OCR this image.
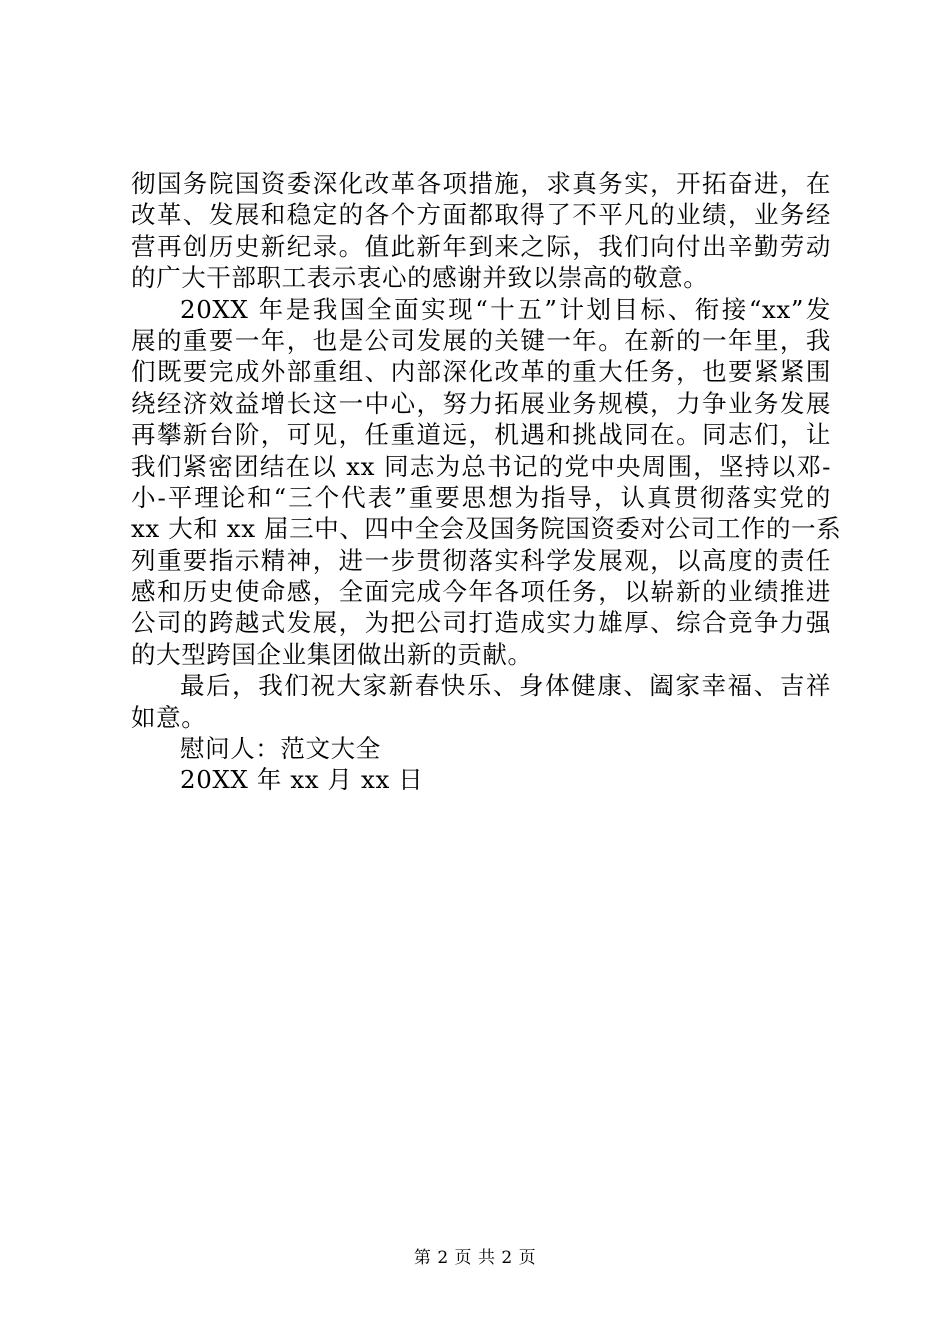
彻国务院国资委深化改革各项措施，求真务实，开拓奋进，在
改革、发展和稳定的各个方面都取得了不平凡的业绩，业务经
营再创历史新纪录。值此新年到来之际，我们向付出辛勤劳动
的广大干部职工表示衷心的感谢并致以崇高的敬意。
20XX 年是我国全面实现“十五”计划目标、衔接“xx”发
展的重要一年，也是公司发展的关键一年。在新的一年里，我
们既要完成外部重组、内部深化改革的重大任务，也要紧紧围
绕经济效益增长这一中心，努力拓展业务规模，力争业务发展
再攀新台阶，可见，任重道远，机遇和挑战同在。同志们，让
我们紧密团结在以 xx 同志为总书记的党中央周围，坚持以邓-
小-平理论和“三个代表”重要思想为指导，认真贯彻落实党的
xx 大和 xx 届三中、四中全会及国务院国资委对公司工作的一系
列重要指示精神，进一步贯彻落实科学发展观，以高度的责任
感和历史使命感，全面完成今年各项任务，以崭新的业绩推进
公司的跨越式发展，为把公司打造成实力雄厚、综合竞争力强
的大型跨国企业集团做出新的贡献。
最后，我们祝大家新春快乐、身体健康、阖家幸福、吉祥
如意。
慰问人：范文大全
20XX 年 xx 月 xx 日
第 2 页 共 2 页
